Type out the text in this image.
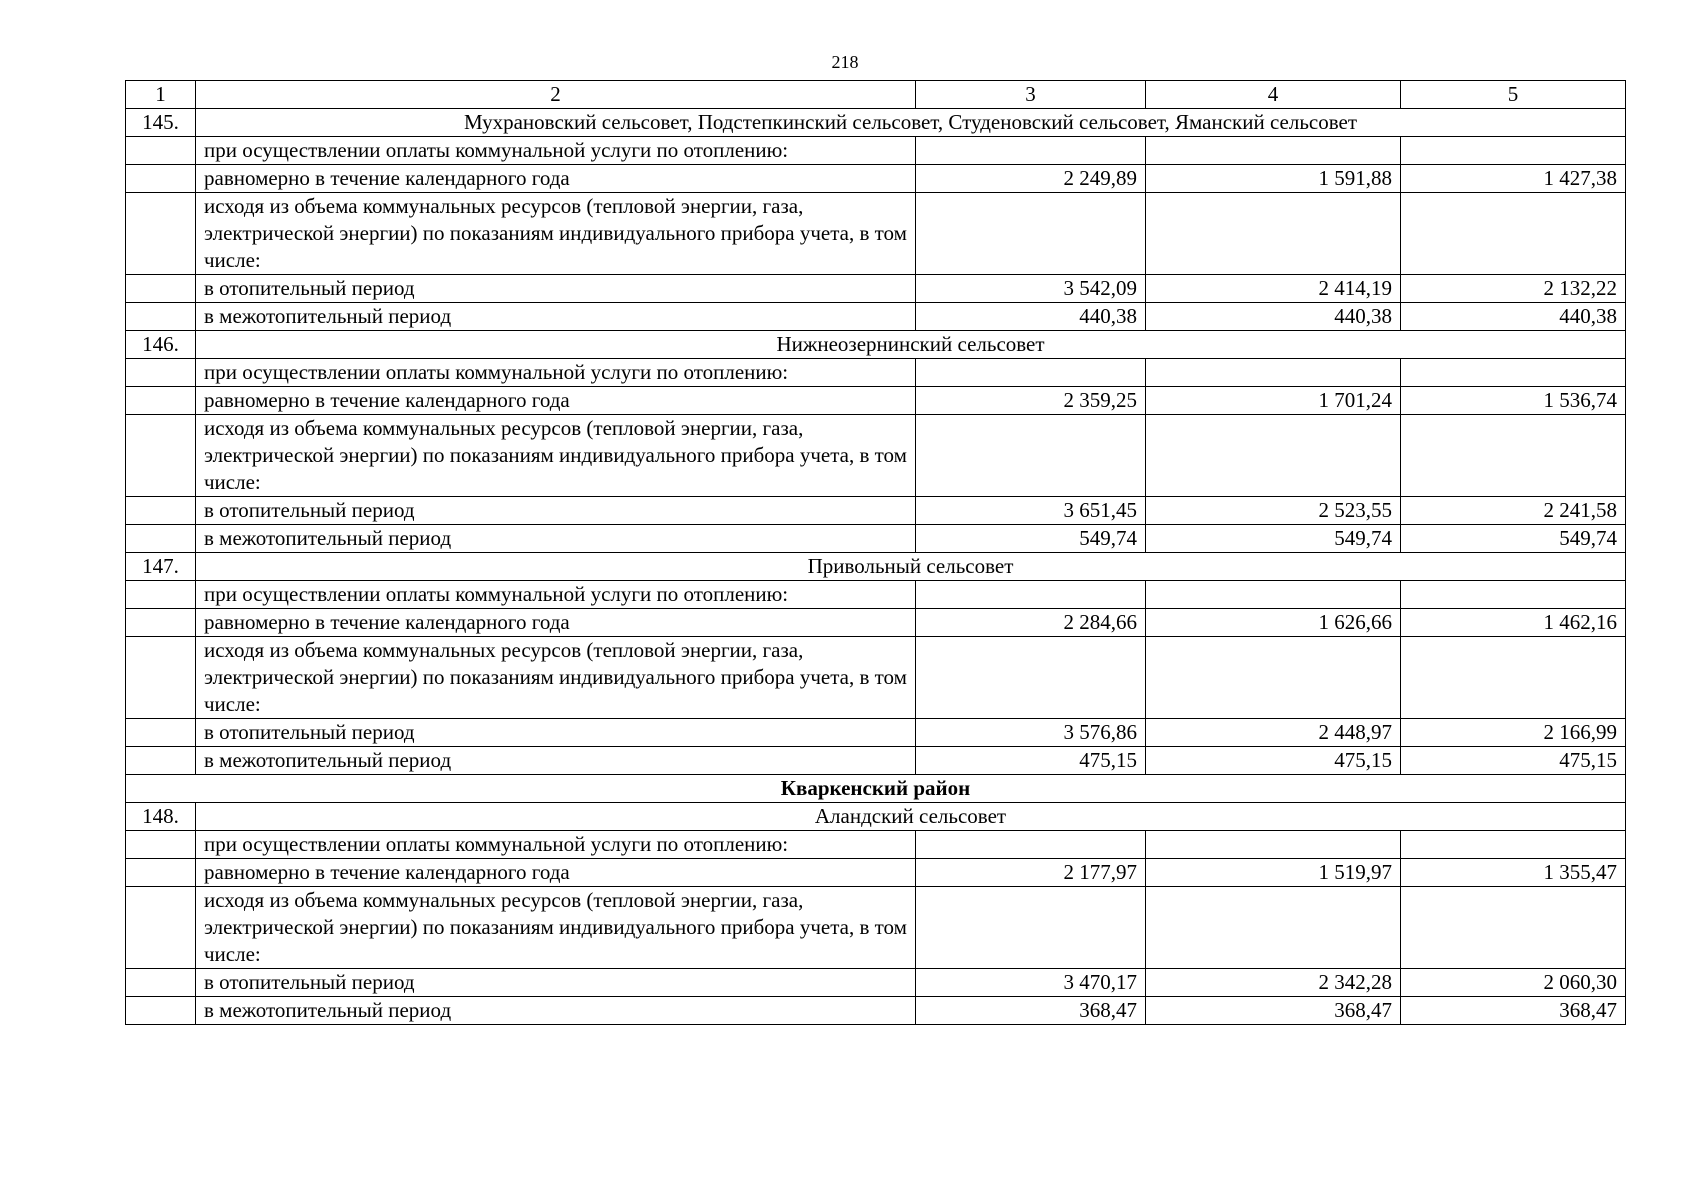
218
1	2	3	4	5
145.	Мухрановский сельсовет, Подстепкинский сельсовет, Студеновский сельсовет, Яманский сельсовет			
	при осуществлении оплаты коммунальной услуги по отоплению:			
	равномерно в течение календарного года	2 249,89	1 591,88	1 427,38
	исходя из объема коммунальных ресурсов (тепловой энергии, газа, электрической энергии) по показаниям индивидуального прибора учета, в том числе:			
	в отопительный период	3 542,09	2 414,19	2 132,22
	в межотопительный период	440,38	440,38	440,38
146.	Нижнеозернинский сельсовет			
	при осуществлении оплаты коммунальной услуги по отоплению:			
	равномерно в течение календарного года	2 359,25	1 701,24	1 536,74
	исходя из объема коммунальных ресурсов (тепловой энергии, газа, электрической энергии) по показаниям индивидуального прибора учета, в том числе:			
	в отопительный период	3 651,45	2 523,55	2 241,58
	в межотопительный период	549,74	549,74	549,74
147.	Привольный сельсовет			
	при осуществлении оплаты коммунальной услуги по отоплению:			
	равномерно в течение календарного года	2 284,66	1 626,66	1 462,16
	исходя из объема коммунальных ресурсов (тепловой энергии, газа, электрической энергии) по показаниям индивидуального прибора учета, в том числе:			
	в отопительный период	3 576,86	2 448,97	2 166,99
	в межотопительный период	475,15	475,15	475,15
Кваркенский район				
148.	Аландский сельсовет			
	при осуществлении оплаты коммунальной услуги по отоплению:			
	равномерно в течение календарного года	2 177,97	1 519,97	1 355,47
	исходя из объема коммунальных ресурсов (тепловой энергии, газа, электрической энергии) по показаниям индивидуального прибора учета, в том числе:			
	в отопительный период	3 470,17	2 342,28	2 060,30
	в межотопительный период	368,47	368,47	368,47
